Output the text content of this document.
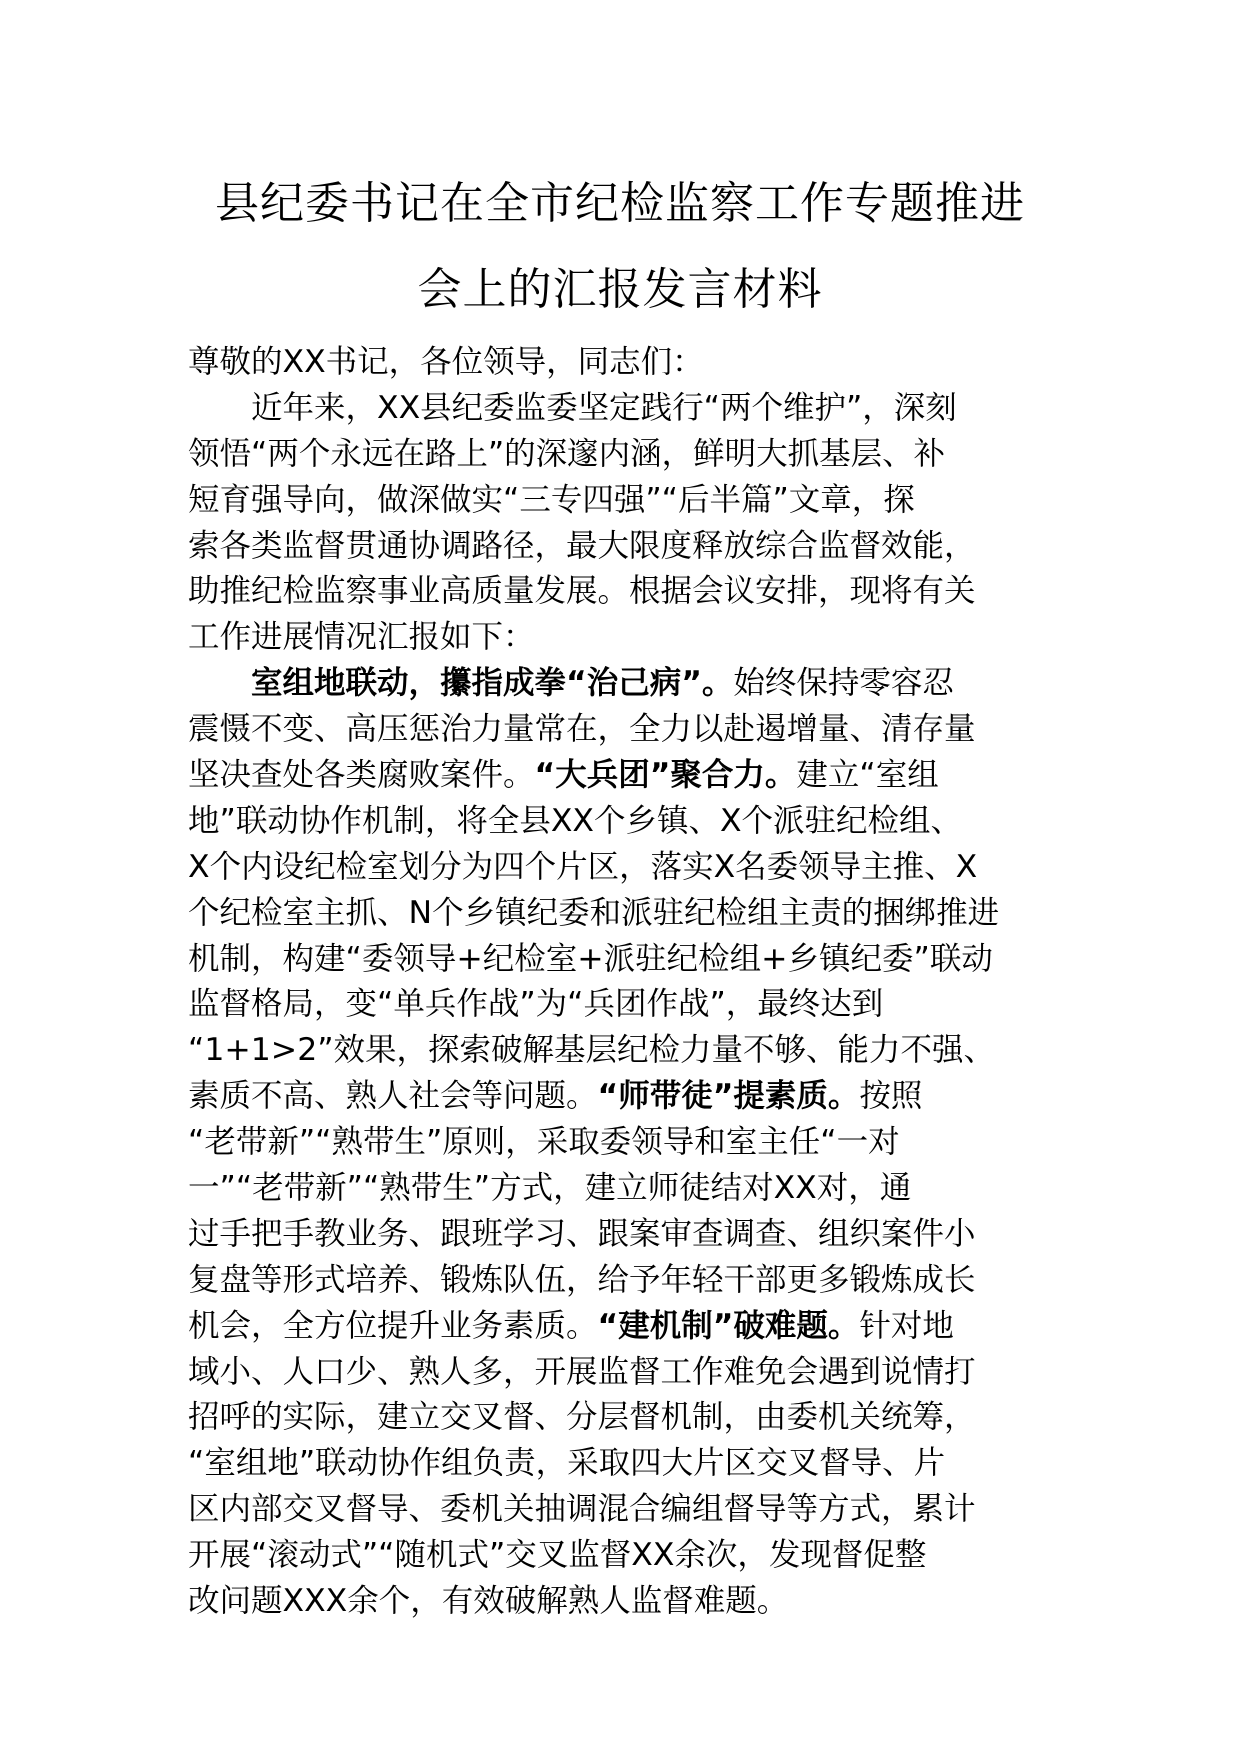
县纪委书记在全市纪检监察工作专题推进
会上的汇报发言材料
尊敬的XX书记，各位领导，同志们：
近年来，XX县纪委监委坚定践行“两个维护”，深刻
领悟“两个永远在路上”的深邃内涵，鲜明大抓基层、补
短育强导向，做深做实“三专四强”“后半篇”文章，探
索各类监督贯通协调路径，最大限度释放综合监督效能，
助推纪检监察事业高质量发展。根据会议安排，现将有关
工作进展情况汇报如下：
室组地联动，攥指成拳“治己病”。始终保持零容忍
震慑不变、高压惩治力量常在，全力以赴遏增量、清存量
坚决查处各类腐败案件。“大兵团”聚合力。建立“室组
地”联动协作机制，将全县XX个乡镇、X个派驻纪检组、
X个内设纪检室划分为四个片区，落实X名委领导主推、X
个纪检室主抓、N个乡镇纪委和派驻纪检组主责的捆绑推进
机制，构建“委领导+纪检室+派驻纪检组+乡镇纪委”联动
监督格局，变“单兵作战”为“兵团作战”，最终达到
“1+1>2”效果，探索破解基层纪检力量不够、能力不强、
素质不高、熟人社会等问题。“师带徒”提素质。按照
“老带新”“熟带生”原则，采取委领导和室主任“一对
一”“老带新”“熟带生”方式，建立师徒结对XX对，通
过手把手教业务、跟班学习、跟案审查调查、组织案件小
复盘等形式培养、锻炼队伍，给予年轻干部更多锻炼成长
机会，全方位提升业务素质。“建机制”破难题。针对地
域小、人口少、熟人多，开展监督工作难免会遇到说情打
招呼的实际，建立交叉督、分层督机制，由委机关统筹，
“室组地”联动协作组负责，采取四大片区交叉督导、片
区内部交叉督导、委机关抽调混合编组督导等方式，累计
开展“滚动式”“随机式”交叉监督XX余次，发现督促整
改问题XXX余个，有效破解熟人监督难题。
